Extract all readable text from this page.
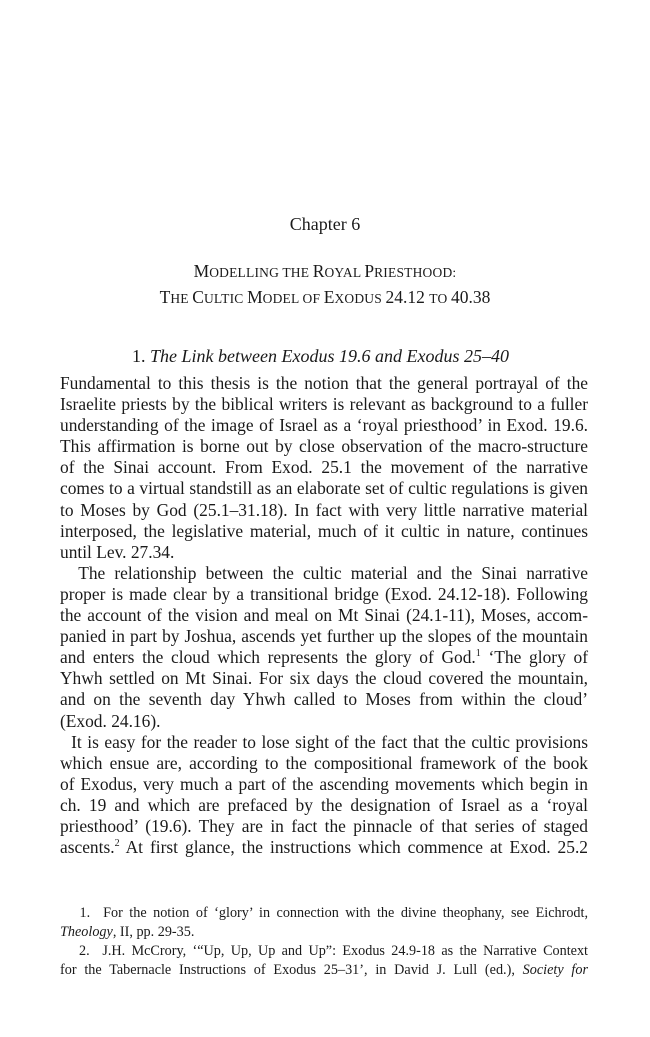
Chapter 6
MODELLING THE ROYAL PRIESTHOOD:
THE CULTIC MODEL OF EXODUS 24.12 TO 40.38
1. The Link between Exodus 19.6 and Exodus 25–40

Fundamental to this thesis is the notion that the general portrayal of the
Israelite priests by the biblical writers is relevant as background to a fuller
understanding of the image of Israel as a ‘royal priesthood’ in Exod. 19.6.
This affirmation is borne out by close observation of the macro-structure
of the Sinai account. From Exod. 25.1 the movement of the narrative
comes to a virtual standstill as an elaborate set of cultic regulations is given
to Moses by God (25.1–31.18). In fact with very little narrative material
interposed, the legislative material, much of it cultic in nature, continues
until Lev. 27.34.

The relationship between the cultic material and the Sinai narrative
proper is made clear by a transitional bridge (Exod. 24.12-18). Following
the account of the vision and meal on Mt Sinai (24.1-11), Moses, accom-
panied in part by Joshua, ascends yet further up the slopes of the mountain
and enters the cloud which represents the glory of God.$^1$ ‘The glory of
Yhwh settled on Mt Sinai. For six days the cloud covered the mountain,
and on the seventh day Yhwh called to Moses from within the cloud’
(Exod. 24.16).

It is easy for the reader to lose sight of the fact that the cultic provisions
which ensue are, according to the compositional framework of the book
of Exodus, very much a part of the ascending movements which begin in
ch. 19 and which are prefaced by the designation of Israel as a ‘royal
priesthood’ (19.6). They are in fact the pinnacle of that series of staged
ascents.$^2$ At first glance, the instructions which commence at Exod. 25.2

1.  For the notion of ‘glory’ in connection with the divine theophany, see Eichrodt,
Theology, II, pp. 29-35.
2.  J.H. McCrory, ‘“Up, Up, Up and Up”: Exodus 24.9-18 as the Narrative Context
for the Tabernacle Instructions of Exodus 25–31’, in David J. Lull (ed.), Society for
